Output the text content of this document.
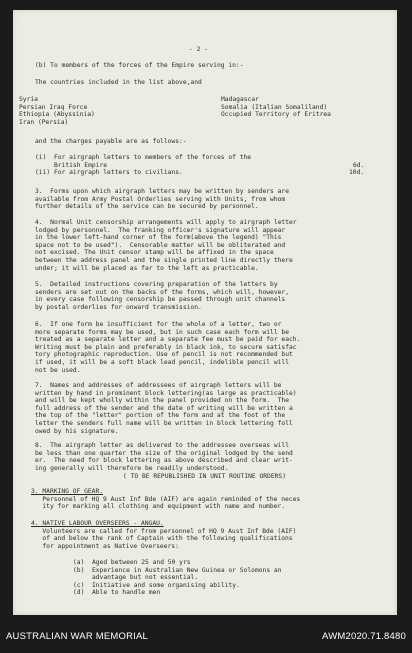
- 2 -
(b) To members of the forces of the Empire serving in:-
The countries included in the list above,and
Syria
Persian Iraq Force
Ethiopia (Abyssinia)
Iran (Persia)
Madagascar
Somalia (Italian Somaliland)
Occupied Territory of Eritrea
and the charges payable are as follows:-
(i)  For airgraph letters to members of the forces of the
British Empire	6d.
(ii) For airgraph letters to civilians.	10d.
3.  Forms upon which airgraph letters may be written by senders are
available from Army Postal Orderlies serving with Units, from whom
further details of the service can be secured by personnel.
4.  Normal Unit censorship arrangements will apply to airgraph letter
lodged by personnel.  The franking officer's signature will appear
in the lower left-hand corner of the form(above the legend) "This
space not to be used").  Censorable matter will be obliterated and
not excised. The Unit censor stamp will be affixed in the space
between the address panel and the single printed line directly there
under; it will be placed as far to the left as practicable.
5.  Detailed instructions covering preparation of the letters by
senders are set out on the backs of the forms, which will, however,
in every case following censorship be passed through unit channels
by postal orderlies for onward transmission.
6.  If one form be insufficient for the whole of a letter, two or
more separate forms may be used, but in such case each form will be
treated as a separate letter and a separate fee must be paid for each.
Writing must be plain and preferably in black ink, to secure satisfac
tory photographic reproduction. Use of pencil is not recommended but
if used, it will be a soft black lead pencil, indelible pencil will
not be used.
7.  Names and addresses of addressees of airgraph letters will be
written by hand in prominent block lettering(as large as practicable)
and will be kept wholly within the panel provided on the form.  The
full address of the sender and the date of writing will be written a
the top of the "letter" portion of the form and at the foot of the
letter the senders full name will be written in block lettering foll
owed by his signature.
8.  The airgraph letter as delivered to the addressee overseas will
be less than one quarter the size of the original lodged by the send
er.  The need for block lettering as above described and clear writ-
ing generally will therefore be readily understood.
( TO BE REPUBLISHED IN UNIT ROUTINE ORDERS)
3. MARKING OF GEAR.
Personnel of HQ 9 Aust Inf Bde (AIF) are again reminded of the neces
ity for marking all clothing and equipment with name and number.
4. NATIVE LABOUR OVERSEERS - ANGAU.
Volunteers are called for from personnel of HQ 9 Aust Inf Bde (AIF)
of and below the rank of Captain with the following qualifications
for appointment as Native Overseers:
(a)  Aged between 25 and 50 yrs
(b)  Experience in Australian New Guinea or Solomons an
advantage but not essential.
(c)  Initiative and some organising ability.
(d)  Able to handle men
AUSTRALIAN WAR MEMORIAL	AWM2020.71.8480
